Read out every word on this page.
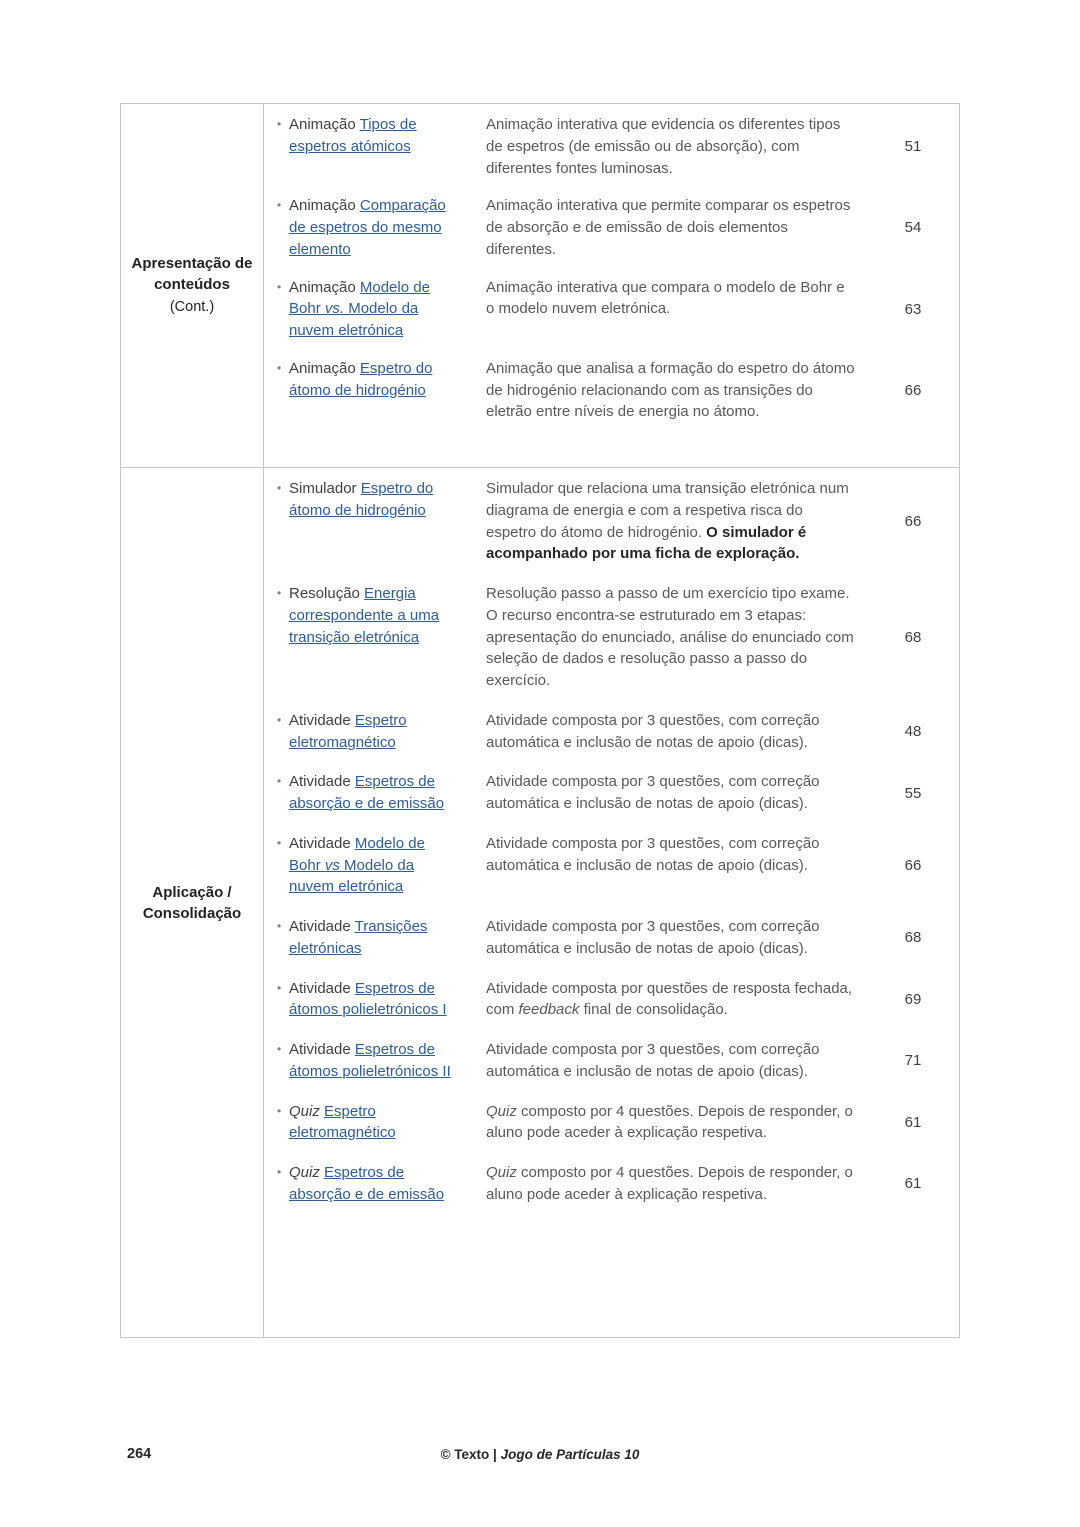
Apresentação de conteúdos
(Cont.)
• Animação Tipos de espetros atómicos
Animação interativa que evidencia os diferentes tipos de espetros (de emissão ou de absorção), com diferentes fontes luminosas.
51
• Animação Comparação de espetros do mesmo elemento
Animação interativa que permite comparar os espetros de absorção e de emissão de dois elementos diferentes.
54
• Animação Modelo de Bohr vs. Modelo da nuvem eletrónica
Animação interativa que compara o modelo de Bohr e o modelo nuvem eletrónica.	63
• Animação Espetro do átomo de hidrogénio
Animação que analisa a formação do espetro do átomo de hidrogénio relacionando com as transições do eletrão entre níveis de energia no átomo.
66
Aplicação / Consolidação
• Simulador Espetro do átomo de hidrogénio
Simulador que relaciona uma transição eletrónica num diagrama de energia e com a respetiva risca do espetro do átomo de hidrogénio. O simulador é acompanhado por uma ficha de exploração.
66
• Resolução Energia correspondente a uma transição eletrónica
Resolução passo a passo de um exercício tipo exame. O recurso encontra-se estruturado em 3 etapas: apresentação do enunciado, análise do enunciado com seleção de dados e resolução passo a passo do exercício.
68
• Atividade Espetro eletromagnético
Atividade composta por 3 questões, com correção automática e inclusão de notas de apoio (dicas).
48
• Atividade Espetros de absorção e de emissão
Atividade composta por 3 questões, com correção automática e inclusão de notas de apoio (dicas).
55
• Atividade Modelo de Bohr vs Modelo da nuvem eletrónica
Atividade composta por 3 questões, com correção automática e inclusão de notas de apoio (dicas).	66
• Atividade Transições eletrónicas
Atividade composta por 3 questões, com correção automática e inclusão de notas de apoio (dicas).
68
• Atividade Espetros de átomos polieletrónicos I
Atividade composta por questões de resposta fechada, com feedback final de consolidação.
69
• Atividade Espetros de átomos polieletrónicos II
Atividade composta por 3 questões, com correção automática e inclusão de notas de apoio (dicas).
71
• Quiz Espetro eletromagnético
Quiz composto por 4 questões. Depois de responder, o aluno pode aceder à explicação respetiva.
61
• Quiz Espetros de absorção e de emissão
Quiz composto por 4 questões. Depois de responder, o aluno pode aceder à explicação respetiva.
61
264	© Texto | Jogo de Partículas 10
